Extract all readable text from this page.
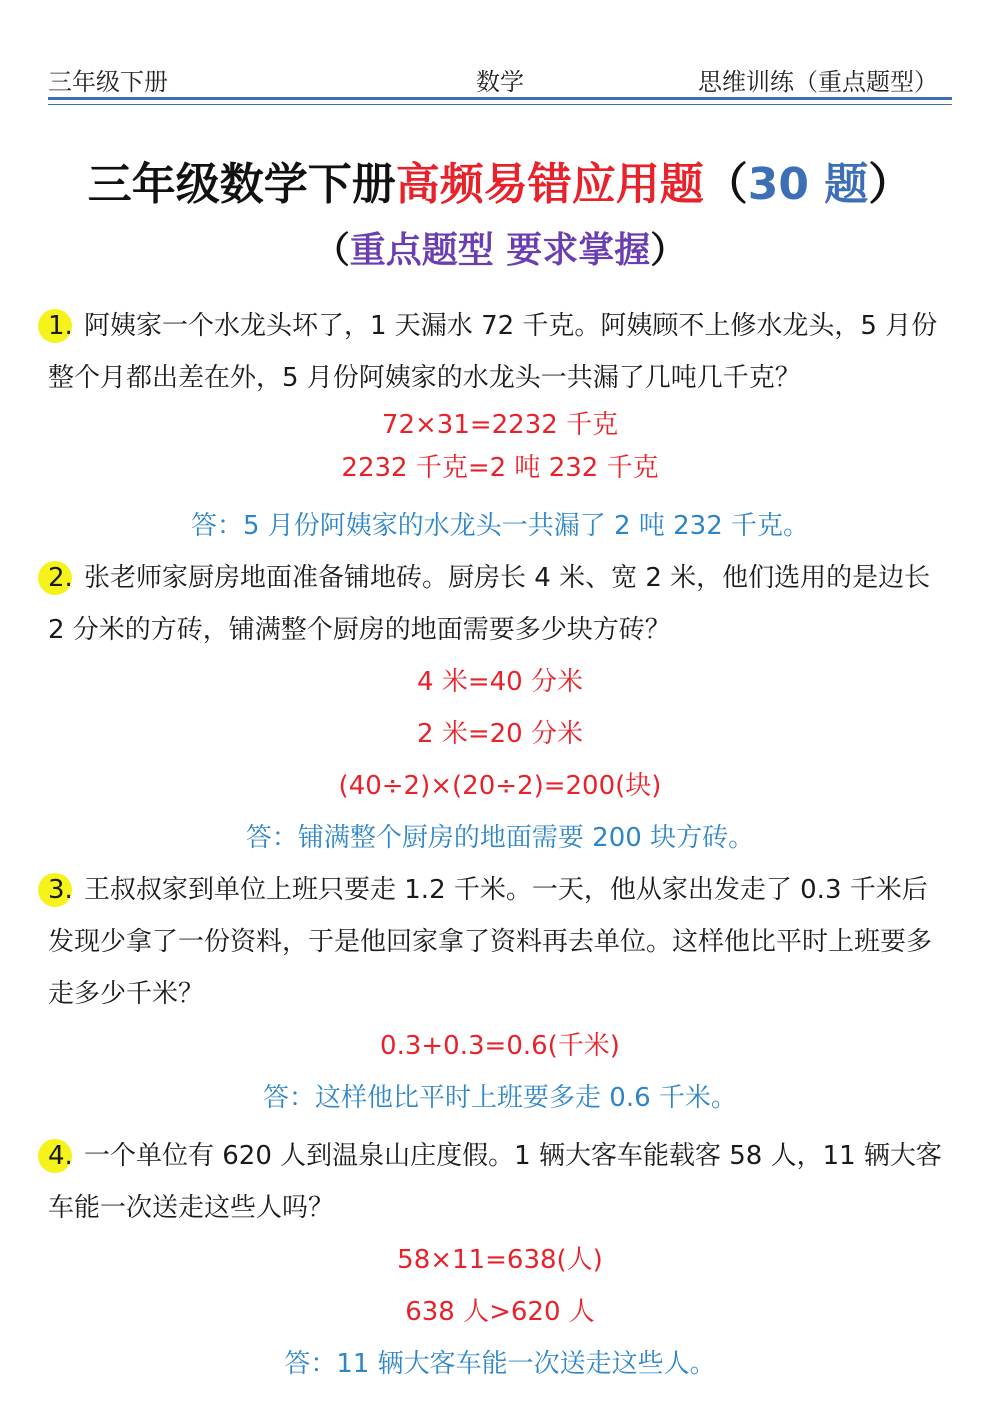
三年级下册	数学	思维训练（重点题型）
三年级数学下册高频易错应用题（30 题）
（重点题型 要求掌握）

1. 阿姨家一个水龙头坏了，1 天漏水 72 千克。阿姨顾不上修水龙头，5 月份整个月都出差在外，5 月份阿姨家的水龙头一共漏了几吨几千克？

72×31=2232 千克
2232 千克=2 吨 232 千克
答：5 月份阿姨家的水龙头一共漏了 2 吨 232 千克。

2. 张老师家厨房地面准备铺地砖。厨房长 4 米、宽 2 米，他们选用的是边长 2 分米的方砖，铺满整个厨房的地面需要多少块方砖？

4 米=40 分米
2 米=20 分米
(40÷2)×(20÷2)=200(块)
答：铺满整个厨房的地面需要 200 块方砖。

3. 王叔叔家到单位上班只要走 1.2 千米。一天，他从家出发走了 0.3 千米后发现少拿了一份资料，于是他回家拿了资料再去单位。这样他比平时上班要多走多少千米？

0.3+0.3=0.6(千米)
答：这样他比平时上班要多走 0.6 千米。

4. 一个单位有 620 人到温泉山庄度假。1 辆大客车能载客 58 人，11 辆大客车能一次送走这些人吗？

58×11=638(人)
638 人>620 人
答：11 辆大客车能一次送走这些人。
